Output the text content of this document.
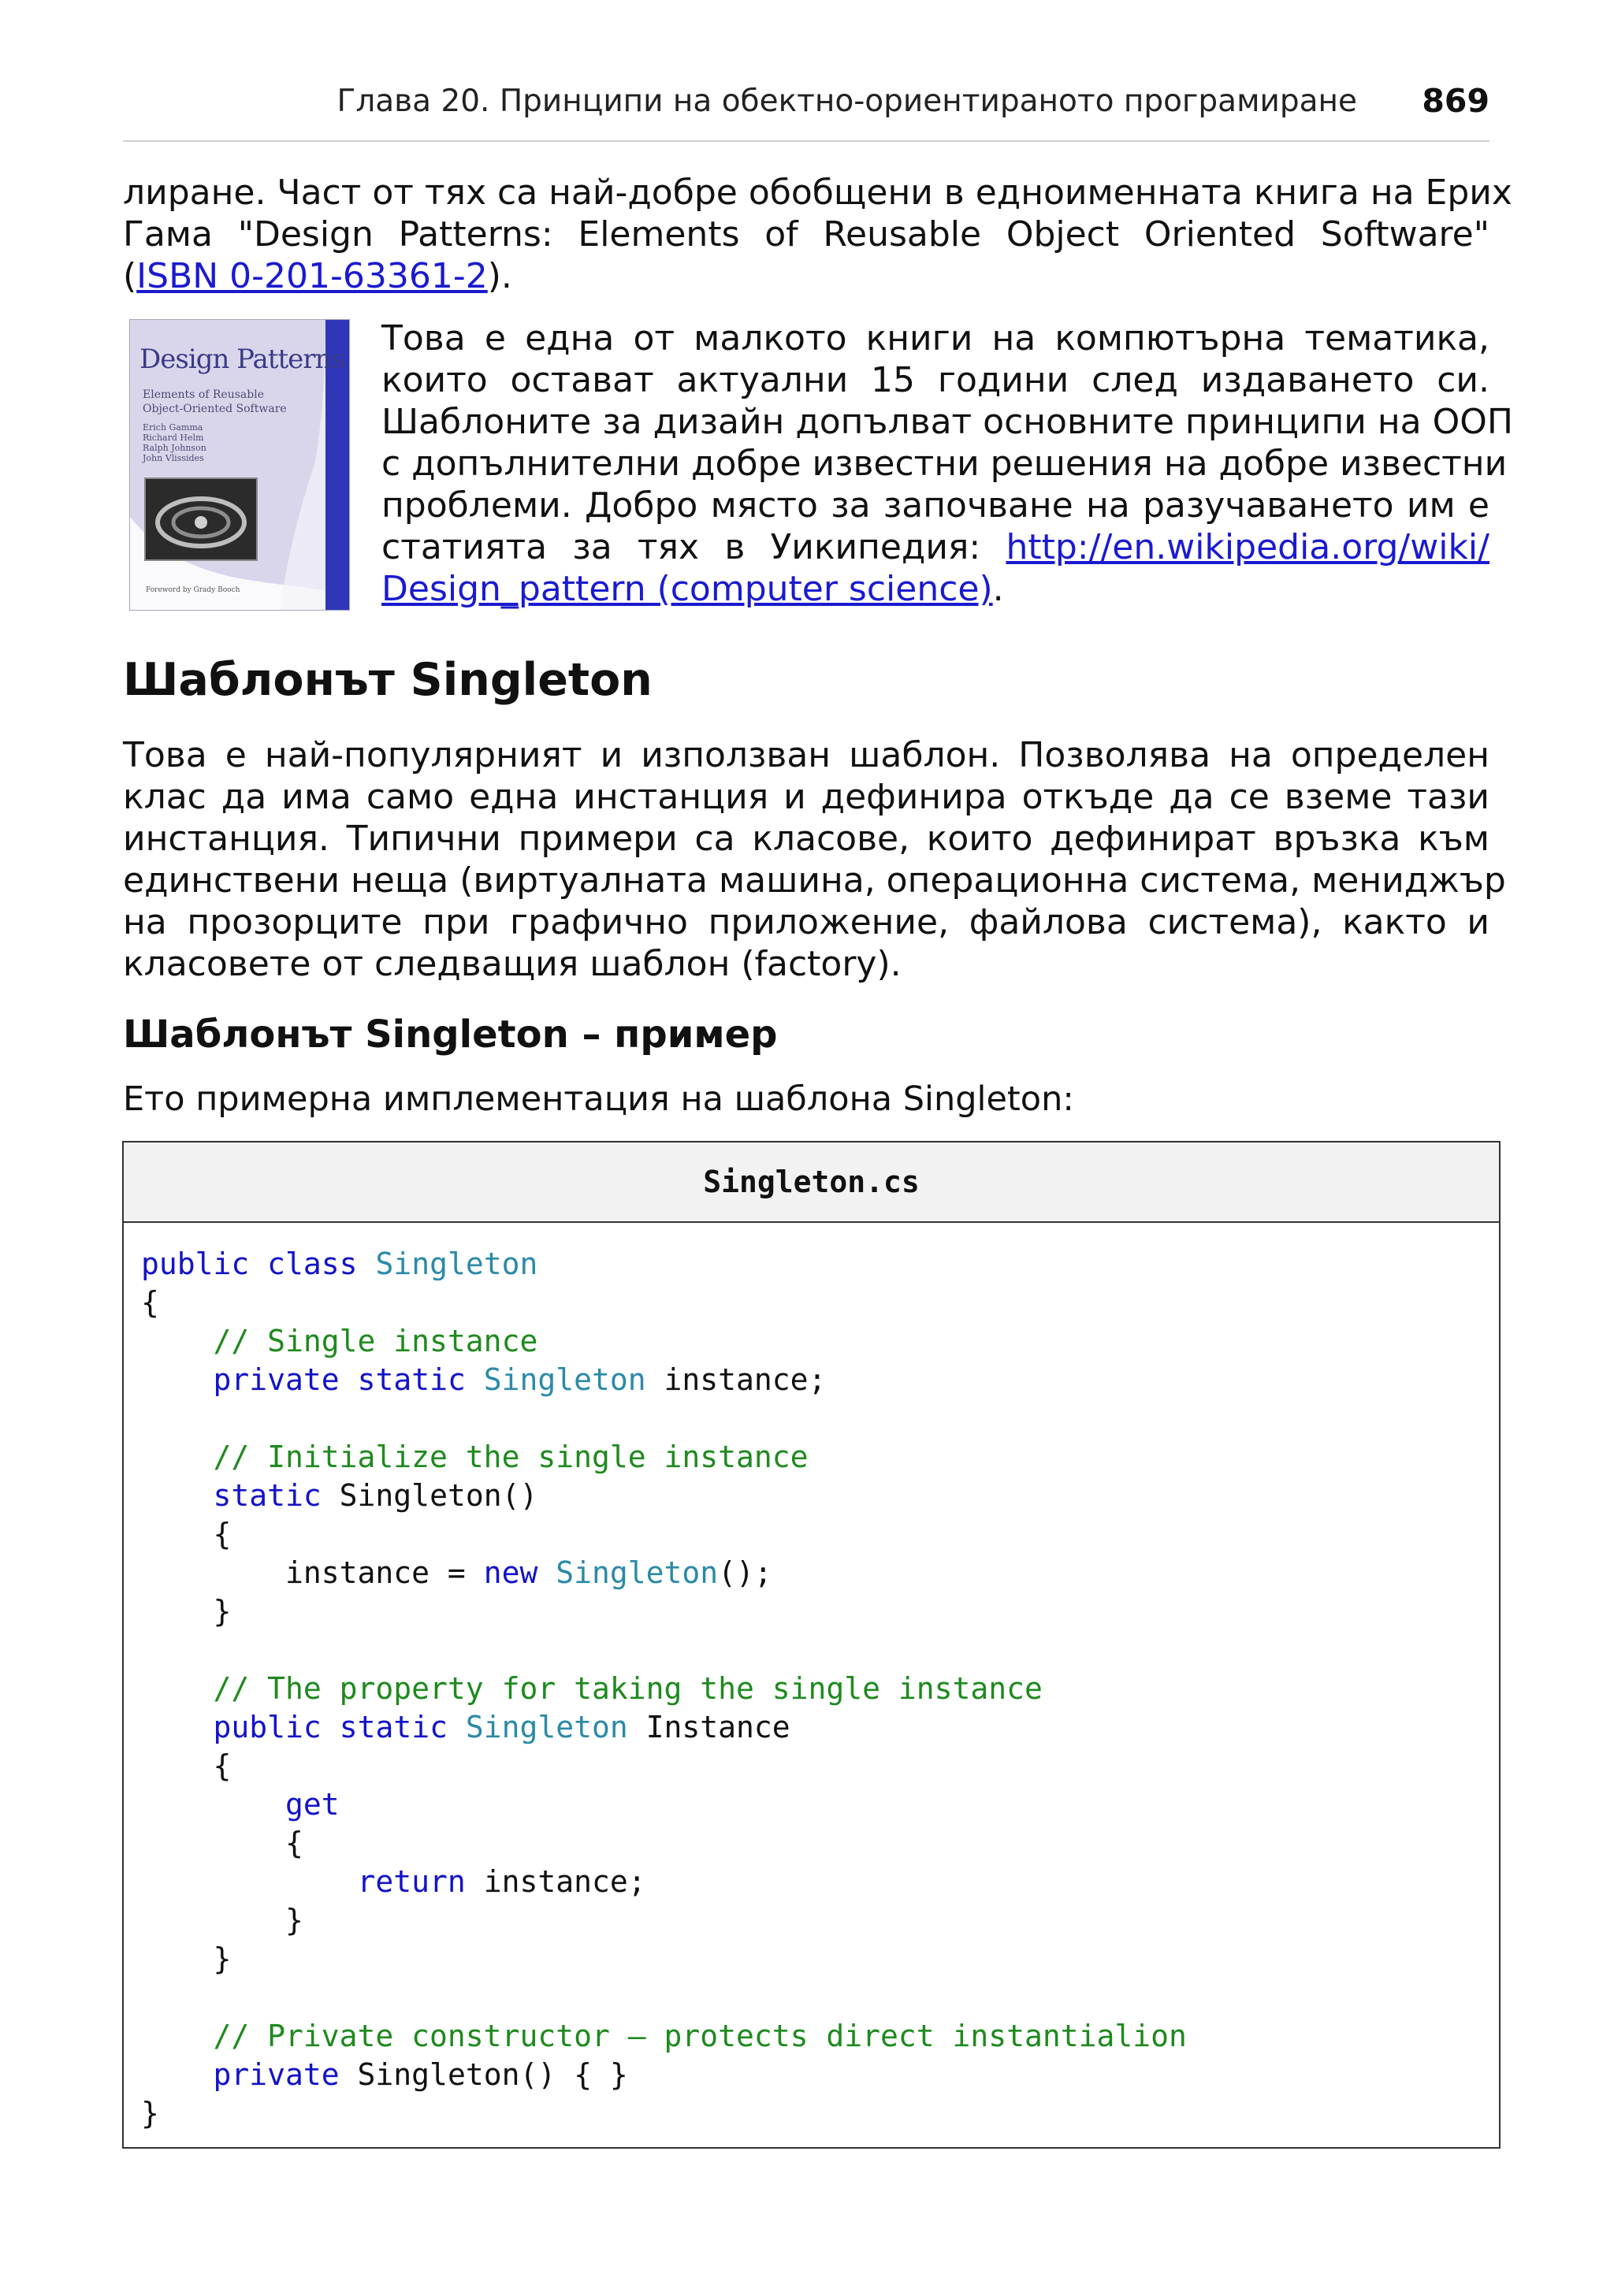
Глава 20. Принципи на обектно-ориентираното програмиране 869
лиране. Част от тях са най-добре обобщени в едноименната книга на Ерих
Гама "Design Patterns: Elements of Reusable Object Oriented Software"
(ISBN 0-201-63361-2).
Design Patterns
Elements of Reusable
Object-Oriented Software
Erich Gamma
Richard Helm
Ralph Johnson
John Vlissides
Foreword by Grady Booch
Това е една от малкото книги на компютърна тематика,
които остават актуални 15 години след издаването си.
Шаблоните за дизайн допълват основните принципи на ООП
с допълнителни добре известни решения на добре известни
проблеми. Добро място за започване на разучаването им е
статията за тях в Уикипедия: http://en.wikipedia.org/wiki/
Design_pattern (computer science).
Шаблонът Singleton
Това е най-популярният и използван шаблон. Позволява на определен
клас да има само една инстанция и дефинира откъде да се вземе тази
инстанция. Типични примери са класове, които дефинират връзка към
единствени неща (виртуалната машина, операционна система, мениджър
на прозорците при графично приложение, файлова система), както и
класовете от следващия шаблон (factory).
Шаблонът Singleton – пример
Ето примерна имплементация на шаблона Singleton:
Singleton.cs
public class Singleton
{
// Single instance
private static Singleton instance;
// Initialize the single instance
static Singleton()
{
instance = new Singleton();
}
// The property for taking the single instance
public static Singleton Instance
{
get
{
return instance;
}
}
// Private constructor – protects direct instantialion
private Singleton() { }
}
